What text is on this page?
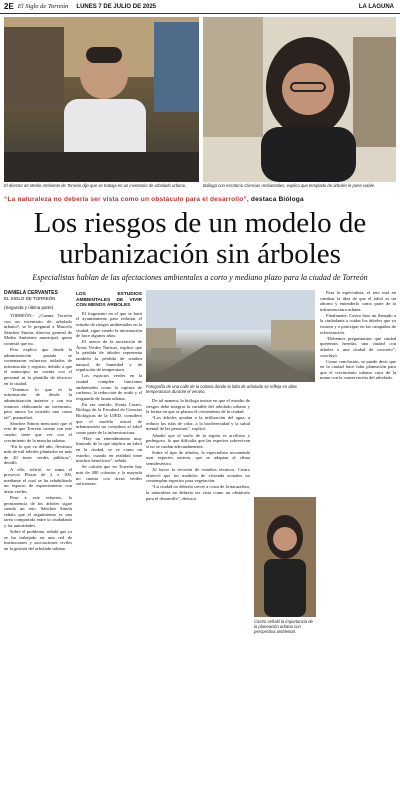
2E El Siglo de Torreón LUNES 7 DE JULIO DE 2025	LA LAGUNA
El director de Medio Ambiente de Torreón dijo que se trabaja en un inventario de arbolado urbano.	Bióloga con escritorio Ciencias Ambientales, explica que templado de árboles le pone viable.
“La naturaleza no debería ser vista como un obstáculo para el desarrollo”, destaca Bióloga
Los riesgos de un modelo de
urbanización sin árboles
Especialistas hablan de las afectaciones ambientales a corto y mediano plazo para la ciudad de Torreón
DANIELA CERVANTES
EL SIGLO DE TORREÓN
(Segunda y última parte)

TORREÓN.- ¿Cuenta Torreón con un inventario de arbolado urbano?, se le preguntó a Marcelo Sánchez Simón, director general de Medio Ambiente municipal, quien contestó que no.

Pero explicó que desde la administración pasada se comenzaron esfuerzos aislados de información y registro, debido a que el municipio no cuenta con el personal ni la plantilla de técnicos en la ciudad.

“Tenemos lo que es la información de desde la administración anterior y con esa estamos elaborando un inventario, pero nunca ha existido uno como tal”, puntualizó.

Sánchez Simón mencionó que el reto de que Torreón cuente con este cuadro tiene que ver con el crecimiento de la mancha urbana.

“En lo que va del año, llevamos más de mil árboles plantados en más de 20 áreas verdes públicas”, detalló.

A ello, refirió, se suma el proyecto Plazas de 2 x 100, mediante el cual se ha rehabilitado un espacio de esparcimiento con áreas verdes.

Pese a este esfuerzo, la permanencia de los árboles sigue siendo un reto. Sánchez Simón señala que el seguimiento es una tarea compartida entre la ciudadanía y las autoridades.

Sobre el problema, señaló que ya se ha trabajado en una red de instituciones y asociaciones civiles en la gestión del arbolado urbano.

LOS ESTUDIOS AMBIENTALES DE VIVIR CON MENOS ÁRBOLES

El fragmento en el que se basó el ayuntamiento para redactar el estudio de riesgos ambientales en la ciudad, sigue siendo la información de hace algunos años.

El asesor de la asociación de Áreas Verdes Nativas, explicó que la pérdida de árboles representa también la pérdida de sombra natural, de humedad y de regulación de temperatura.

Los espacios verdes en la ciudad cumplen funciones ambientales como la captura de carbono, la reducción de ruido y el resguardo de fauna urbana.

En ese sentido, Kenia Castro, Bióloga de la Facultad de Ciencias Biológicas de la UJED, consideró que el modelo actual de urbanización no considera al árbol como parte de la infraestructura.

“Hay un entendimiento muy limitado de lo que implica un árbol en la ciudad, se ve como un estorbo, cuando en realidad tiene muchos beneficios”, señaló.

Se calcula que en Torreón hay más de 400 colonias y la mayoría no cuenta con áreas verdes suficientes.

Fotografía de una calle de la colonia donde la falta de arbolado se refleja en altas temperaturas durante el verano.

De tal manera, la bióloga insiste en que el estudio de riesgos debe integrar la variable del arbolado urbano y la forma en que se planea el crecimiento de la ciudad.

“Los árboles ayudan a la infiltración del agua, a reducir las islas de calor, a la biodiversidad y la salud mental de las personas”, explicó.

Añadió que el suelo de la región es arcilloso y pedregoso, lo que dificulta que las especies sobrevivan si no se cuidan adecuadamente.

Sobre el tipo de árboles, la especialista recomendó usar especies nativas, que se adaptan al clima semidesértico.

Al hacer la revisión de estudios técnicos, Castro observó que los modelos de vivienda actuales no contemplan espacios para vegetación.

“La ciudad no debería crecer a costa de la naturaleza, la naturaleza no debería ser vista como un obstáculo para el desarrollo”, destacó.

Castro señaló la importancia de la planeación urbana con perspectiva ambiental.

Para la especialista, el reto está en cambiar la idea de que el árbol es un adorno y entenderlo como parte de la infraestructura urbana.

Finalmente, Castro hizo un llamado a la ciudadanía a cuidar los árboles que ya existen y a participar en las campañas de reforestación.

“Debemos preguntarnos qué ciudad queremos heredar, una ciudad con árboles o una ciudad de concreto”, concluyó.

Como conclusión, se puede decir que en la ciudad hace falta planeación para que el crecimiento urbano vaya de la mano con la conservación del arbolado.
